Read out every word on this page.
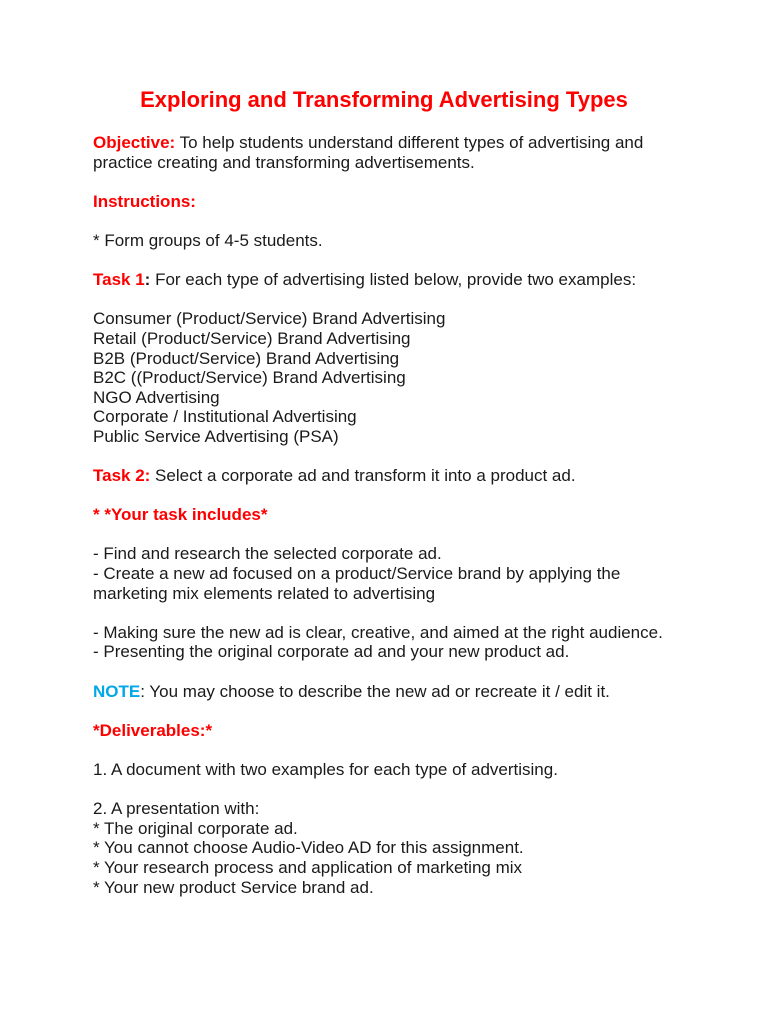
Exploring and Transforming Advertising Types

Objective: To help students understand different types of advertising and practice creating and transforming advertisements.

Instructions:

* Form groups of 4-5 students.

Task 1: For each type of advertising listed below, provide two examples:

Consumer (Product/Service) Brand Advertising
Retail (Product/Service) Brand Advertising
B2B (Product/Service) Brand Advertising
B2C ((Product/Service) Brand Advertising
NGO Advertising
Corporate / Institutional Advertising
Public Service Advertising (PSA)

Task 2: Select a corporate ad and transform it into a product ad.

* *Your task includes*

- Find and research the selected corporate ad.
- Create a new ad focused on a product/Service brand by applying the marketing mix elements related to advertising

- Making sure the new ad is clear, creative, and aimed at the right audience.
- Presenting the original corporate ad and your new product ad.

NOTE: You may choose to describe the new ad or recreate it / edit it.

*Deliverables:*

1. A document with two examples for each type of advertising.

2. A presentation with:
* The original corporate ad.
* You cannot choose Audio-Video AD for this assignment.
* Your research process and application of marketing mix
* Your new product Service brand ad.
